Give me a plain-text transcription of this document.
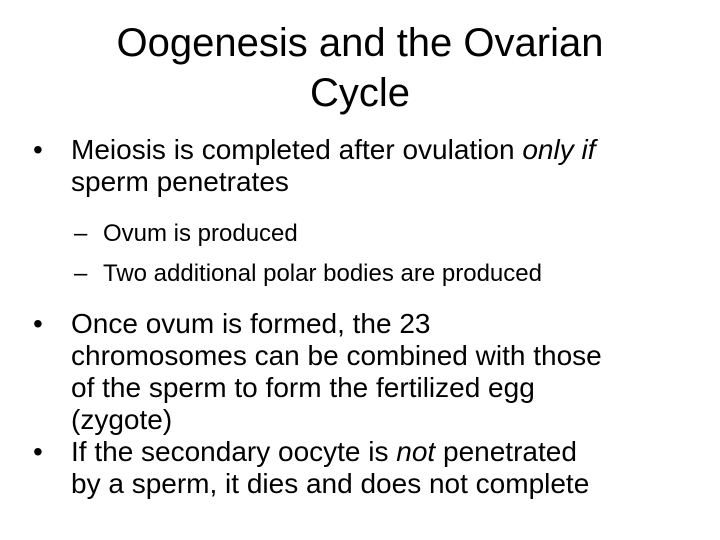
Oogenesis and the Ovarian
Cycle
• Meiosis is completed after ovulation only if
sperm penetrates
– Ovum is produced
– Two additional polar bodies are produced
• Once ovum is formed, the 23
chromosomes can be combined with those
of the sperm to form the fertilized egg
(zygote)
• If the secondary oocyte is not penetrated
by a sperm, it dies and does not complete
